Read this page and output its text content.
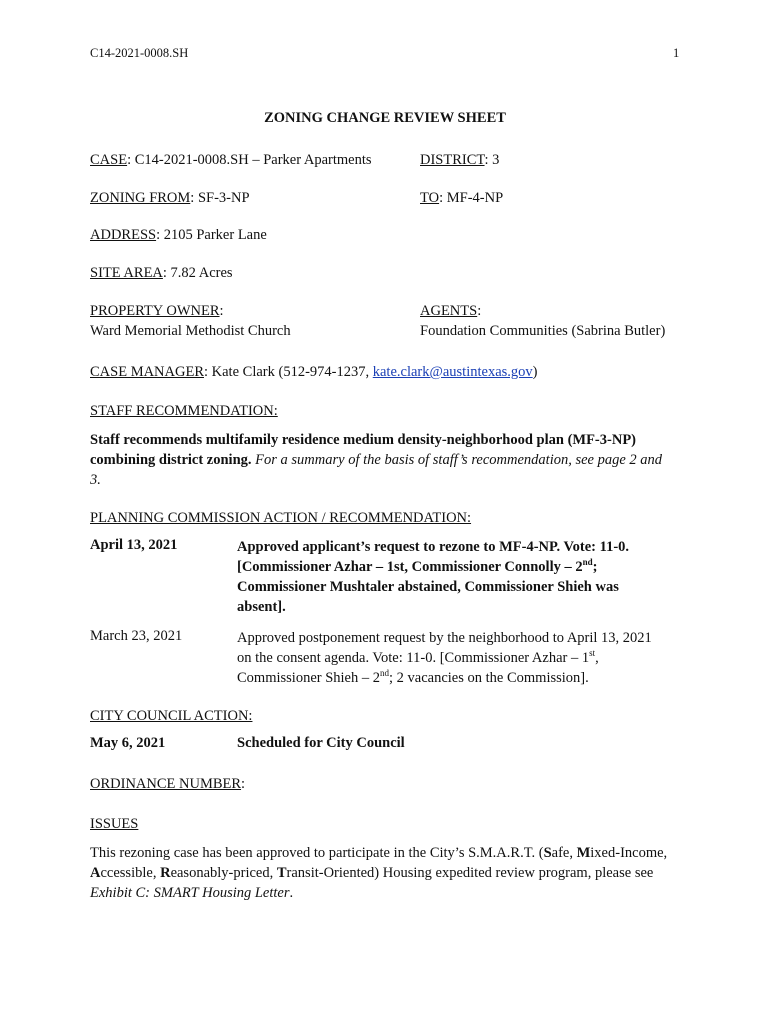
C14-2021-0008.SH	1
ZONING CHANGE REVIEW SHEET
CASE: C14-2021-0008.SH – Parker Apartments	DISTRICT: 3
ZONING FROM: SF-3-NP	TO: MF-4-NP
ADDRESS: 2105 Parker Lane
SITE AREA: 7.82 Acres
PROPERTY OWNER:
Ward Memorial Methodist Church
AGENTS:
Foundation Communities (Sabrina Butler)
CASE MANAGER: Kate Clark (512-974-1237, kate.clark@austintexas.gov)
STAFF RECOMMENDATION:
Staff recommends multifamily residence medium density-neighborhood plan (MF-3-NP) combining district zoning. For a summary of the basis of staff’s recommendation, see page 2 and 3.
PLANNING COMMISSION ACTION / RECOMMENDATION:
April 13, 2021	Approved applicant’s request to rezone to MF-4-NP. Vote: 11-0.
[Commissioner Azhar – 1st, Commissioner Connolly – 2nd;
Commissioner Mushtaler abstained, Commissioner Shieh was
absent].
March 23, 2021	Approved postponement request by the neighborhood to April 13, 2021
on the consent agenda. Vote: 11-0. [Commissioner Azhar – 1st,
Commissioner Shieh – 2nd; 2 vacancies on the Commission].
CITY COUNCIL ACTION:
May 6, 2021	Scheduled for City Council
ORDINANCE NUMBER:
ISSUES
This rezoning case has been approved to participate in the City’s S.M.A.R.T. (Safe, Mixed-Income, Accessible, Reasonably-priced, Transit-Oriented) Housing expedited review program, please see Exhibit C: SMART Housing Letter.
